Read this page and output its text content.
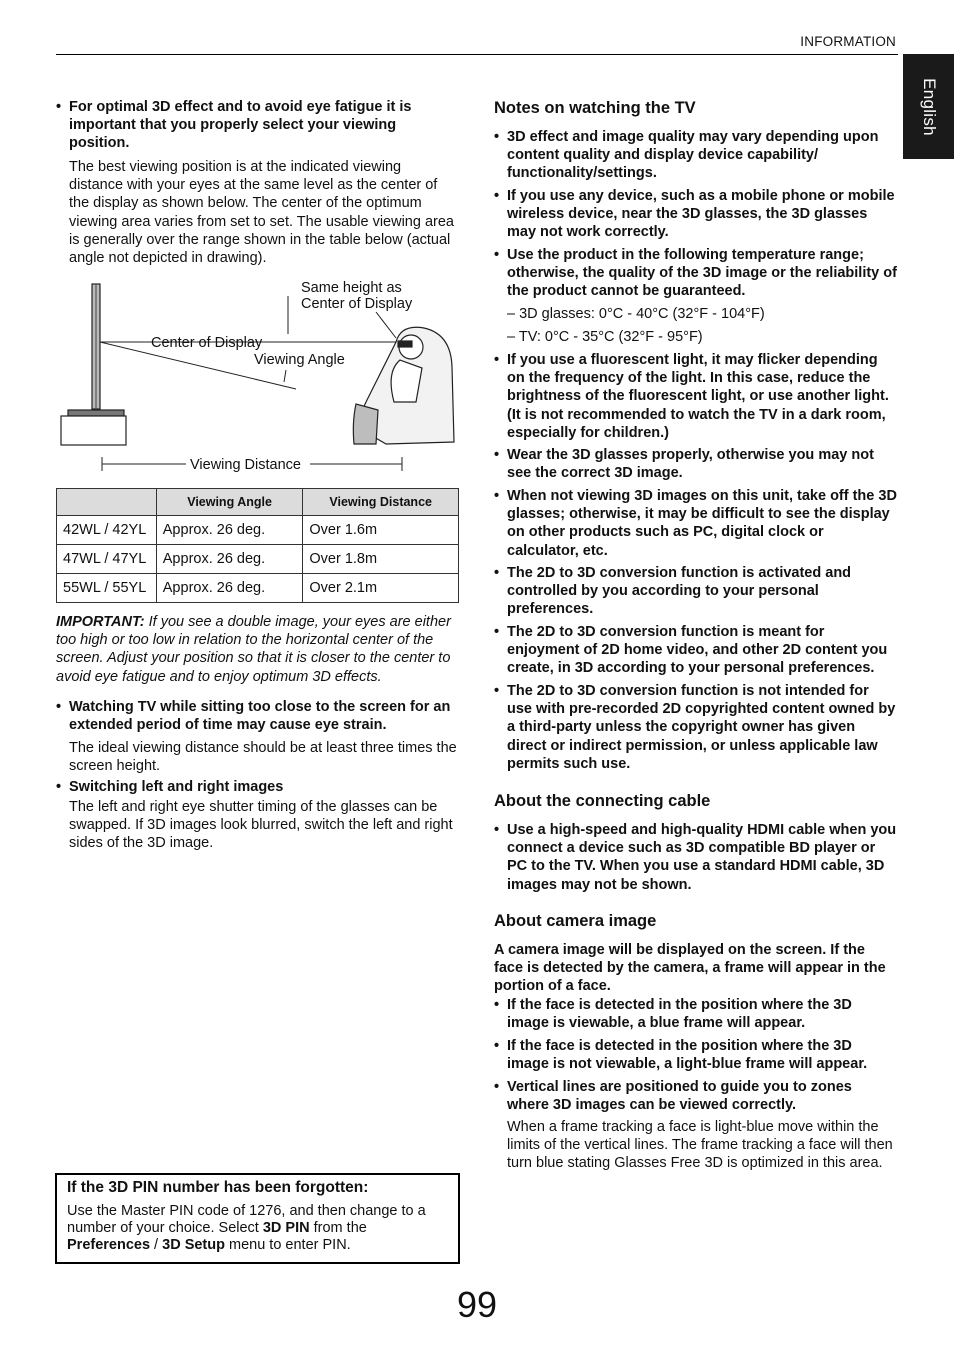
INFORMATION
English
• For optimal 3D effect and to avoid eye fatigue it is important that you properly select your viewing position.
The best viewing position is at the indicated viewing distance with your eyes at the same level as the center of the display as shown below. The center of the optimum viewing area varies from set to set. The usable viewing area is generally over the range shown in the table below (actual angle not depicted in drawing).
Center of Display
Same height as
Center of Display
Viewing Angle
Viewing Distance
	Viewing Angle	Viewing Distance
42WL / 42YL	Approx. 26 deg.	Over 1.6m
47WL / 47YL	Approx. 26 deg.	Over 1.8m
55WL / 55YL	Approx. 26 deg.	Over 2.1m
IMPORTANT: If you see a double image, your eyes are either too high or too low in relation to the horizontal center of the screen. Adjust your position so that it is closer to the center to avoid eye fatigue and to enjoy optimum 3D effects.
• Watching TV while sitting too close to the screen for an extended period of time may cause eye strain.
The ideal viewing distance should be at least three times the screen height.
• Switching left and right images
The left and right eye shutter timing of the glasses can be swapped. If 3D images look blurred, switch the left and right sides of the 3D image.
If the 3D PIN number has been forgotten:
Use the Master PIN code of 1276, and then change to a number of your choice. Select 3D PIN from the Preferences / 3D Setup menu to enter PIN.
Notes on watching the TV
• 3D effect and image quality may vary depending upon content quality and display device capability/ functionality/settings.
• If you use any device, such as a mobile phone or mobile wireless device, near the 3D glasses, the 3D glasses may not work correctly.
• Use the product in the following temperature range; otherwise, the quality of the 3D image or the reliability of the product cannot be guaranteed.
– 3D glasses: 0°C - 40°C (32°F - 104°F)
– TV: 0°C - 35°C (32°F - 95°F)
• If you use a fluorescent light, it may flicker depending on the frequency of the light. In this case, reduce the brightness of the fluorescent light, or use another light. (It is not recommended to watch the TV in a dark room, especially for children.)
• Wear the 3D glasses properly, otherwise you may not see the correct 3D image.
• When not viewing 3D images on this unit, take off the 3D glasses; otherwise, it may be difficult to see the display on other products such as PC, digital clock or calculator, etc.
• The 2D to 3D conversion function is activated and controlled by you according to your personal preferences.
• The 2D to 3D conversion function is meant for enjoyment of 2D home video, and other 2D content you create, in 3D according to your personal preferences.
• The 2D to 3D conversion function is not intended for use with pre-recorded 2D copyrighted content owned by a third-party unless the copyright owner has given direct or indirect permission, or unless applicable law permits such use.
About the connecting cable
• Use a high-speed and high-quality HDMI cable when you connect a device such as 3D compatible BD player or PC to the TV. When you use a standard HDMI cable, 3D images may not be shown.
About camera image
A camera image will be displayed on the screen. If the face is detected by the camera, a frame will appear in the portion of a face.
• If the face is detected in the position where the 3D image is viewable, a blue frame will appear.
• If the face is detected in the position where the 3D image is not viewable, a light-blue frame will appear.
• Vertical lines are positioned to guide you to zones where 3D images can be viewed correctly.
When a frame tracking a face is light-blue move within the limits of the vertical lines. The frame tracking a face will then turn blue stating Glasses Free 3D is optimized in this area.
99
